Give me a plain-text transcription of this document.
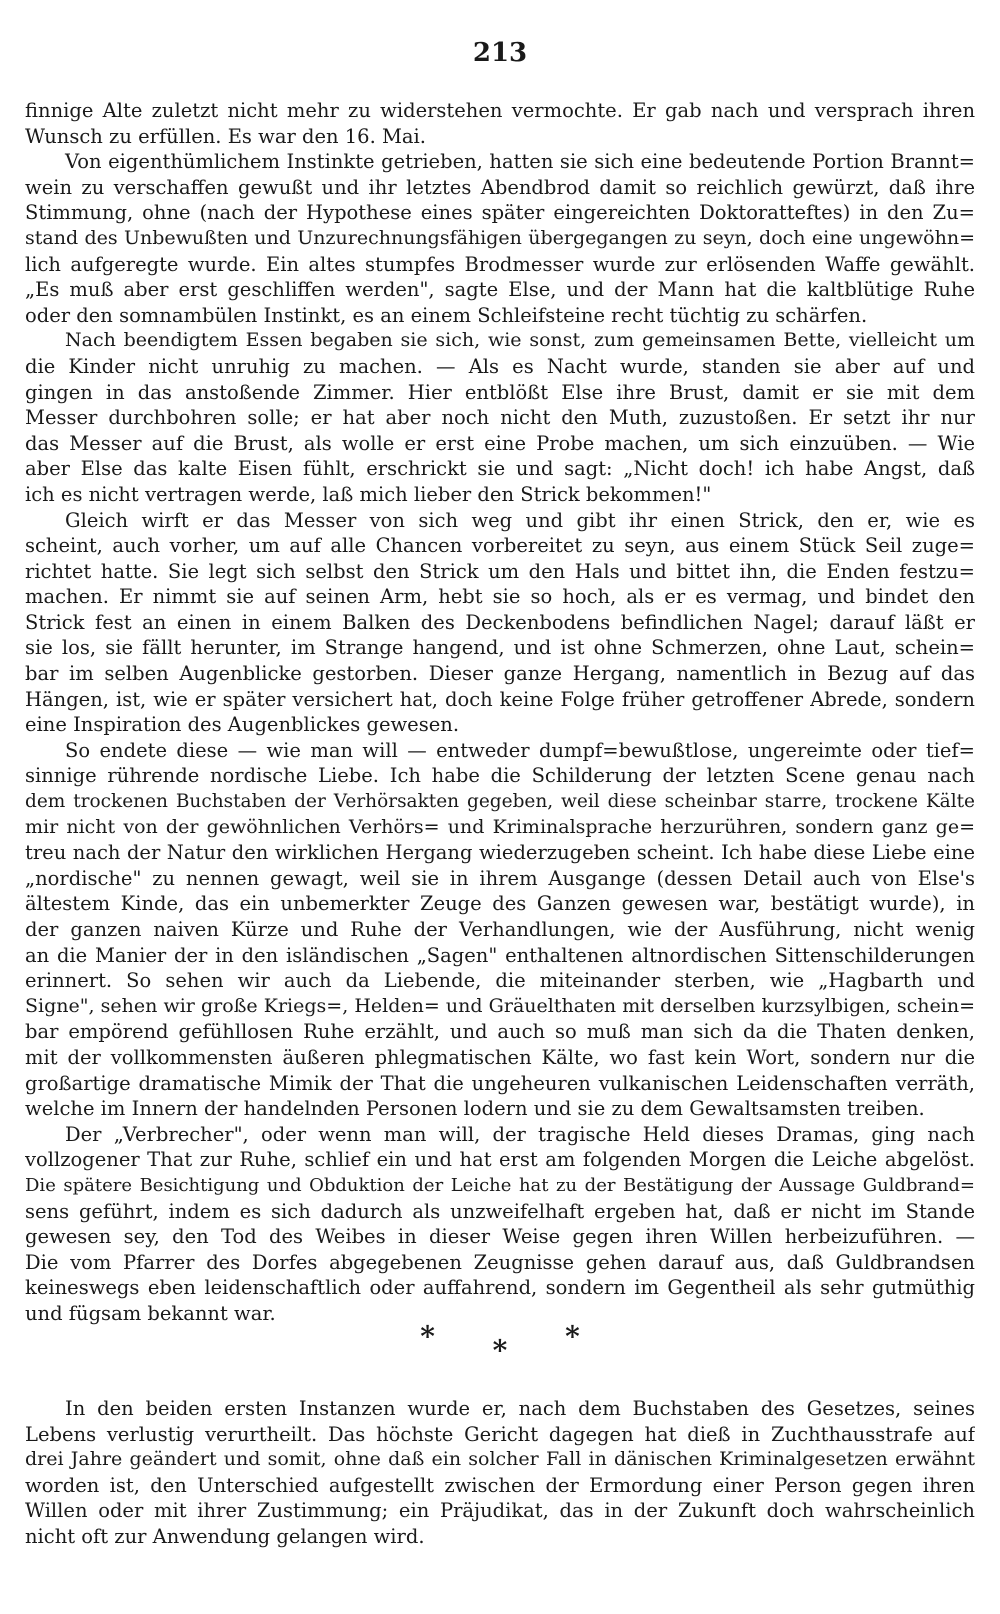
213
finnige Alte zuletzt nicht mehr zu widerstehen vermochte. Er gab nach und versprach ihren
Wunsch zu erfüllen. Es war den 16. Mai.
Von eigenthümlichem Instinkte getrieben, hatten sie sich eine bedeutende Portion Brannt=
wein zu verschaffen gewußt und ihr letztes Abendbrod damit so reichlich gewürzt, daß ihre
Stimmung, ohne (nach der Hypothese eines später eingereichten Doktoratteftes) in den Zu=
stand des Unbewußten und Unzurechnungsfähigen übergegangen zu seyn, doch eine ungewöhn=
lich aufgeregte wurde. Ein altes stumpfes Brodmesser wurde zur erlösenden Waffe gewählt.
„Es muß aber erst geschliffen werden", sagte Else, und der Mann hat die kaltblütige Ruhe
oder den somnambülen Instinkt, es an einem Schleifsteine recht tüchtig zu schärfen.
Nach beendigtem Essen begaben sie sich, wie sonst, zum gemeinsamen Bette, vielleicht um
die Kinder nicht unruhig zu machen. — Als es Nacht wurde, standen sie aber auf und
gingen in das anstoßende Zimmer. Hier entblößt Else ihre Brust, damit er sie mit dem
Messer durchbohren solle; er hat aber noch nicht den Muth, zuzustoßen. Er setzt ihr nur
das Messer auf die Brust, als wolle er erst eine Probe machen, um sich einzuüben. — Wie
aber Else das kalte Eisen fühlt, erschrickt sie und sagt: „Nicht doch! ich habe Angst, daß
ich es nicht vertragen werde, laß mich lieber den Strick bekommen!"
Gleich wirft er das Messer von sich weg und gibt ihr einen Strick, den er, wie es
scheint, auch vorher, um auf alle Chancen vorbereitet zu seyn, aus einem Stück Seil zuge=
richtet hatte. Sie legt sich selbst den Strick um den Hals und bittet ihn, die Enden festzu=
machen. Er nimmt sie auf seinen Arm, hebt sie so hoch, als er es vermag, und bindet den
Strick fest an einen in einem Balken des Deckenbodens befindlichen Nagel; darauf läßt er
sie los, sie fällt herunter, im Strange hangend, und ist ohne Schmerzen, ohne Laut, schein=
bar im selben Augenblicke gestorben. Dieser ganze Hergang, namentlich in Bezug auf das
Hängen, ist, wie er später versichert hat, doch keine Folge früher getroffener Abrede, sondern
eine Inspiration des Augenblickes gewesen.
So endete diese — wie man will — entweder dumpf=bewußtlose, ungereimte oder tief=
sinnige rührende nordische Liebe. Ich habe die Schilderung der letzten Scene genau nach
dem trockenen Buchstaben der Verhörsakten gegeben, weil diese scheinbar starre, trockene Kälte
mir nicht von der gewöhnlichen Verhörs= und Kriminalsprache herzurühren, sondern ganz ge=
treu nach der Natur den wirklichen Hergang wiederzugeben scheint. Ich habe diese Liebe eine
„nordische" zu nennen gewagt, weil sie in ihrem Ausgange (dessen Detail auch von Else's
ältestem Kinde, das ein unbemerkter Zeuge des Ganzen gewesen war, bestätigt wurde), in
der ganzen naiven Kürze und Ruhe der Verhandlungen, wie der Ausführung, nicht wenig
an die Manier der in den isländischen „Sagen" enthaltenen altnordischen Sittenschilderungen
erinnert. So sehen wir auch da Liebende, die miteinander sterben, wie „Hagbarth und
Signe", sehen wir große Kriegs=, Helden= und Gräuelthaten mit derselben kurzsylbigen, schein=
bar empörend gefühllosen Ruhe erzählt, und auch so muß man sich da die Thaten denken,
mit der vollkommensten äußeren phlegmatischen Kälte, wo fast kein Wort, sondern nur die
großartige dramatische Mimik der That die ungeheuren vulkanischen Leidenschaften verräth,
welche im Innern der handelnden Personen lodern und sie zu dem Gewaltsamsten treiben.
Der „Verbrecher", oder wenn man will, der tragische Held dieses Dramas, ging nach
vollzogener That zur Ruhe, schlief ein und hat erst am folgenden Morgen die Leiche abgelöst.
Die spätere Besichtigung und Obduktion der Leiche hat zu der Bestätigung der Aussage Guldbrand=
sens geführt, indem es sich dadurch als unzweifelhaft ergeben hat, daß er nicht im Stande
gewesen sey, den Tod des Weibes in dieser Weise gegen ihren Willen herbeizuführen. —
Die vom Pfarrer des Dorfes abgegebenen Zeugnisse gehen darauf aus, daß Guldbrandsen
keineswegs eben leidenschaftlich oder auffahrend, sondern im Gegentheil als sehr gutmüthig
und fügsam bekannt war.
* * *
In den beiden ersten Instanzen wurde er, nach dem Buchstaben des Gesetzes, seines
Lebens verlustig verurtheilt. Das höchste Gericht dagegen hat dieß in Zuchthausstrafe auf
drei Jahre geändert und somit, ohne daß ein solcher Fall in dänischen Kriminalgesetzen erwähnt
worden ist, den Unterschied aufgestellt zwischen der Ermordung einer Person gegen ihren
Willen oder mit ihrer Zustimmung; ein Präjudikat, das in der Zukunft doch wahrscheinlich
nicht oft zur Anwendung gelangen wird.
